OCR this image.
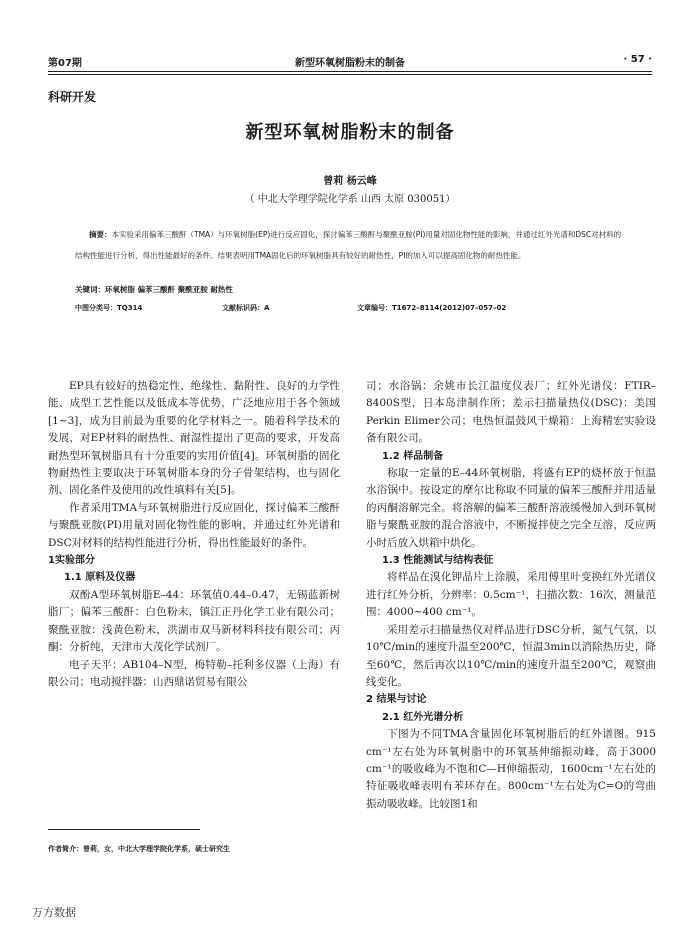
第07期	新型环氧树脂粉末的制备	· 57 ·
科研开发
新型环氧树脂粉末的制备
曾莉 杨云峰
（ 中北大学理学院化学系 山西 太原 030051）
摘要：本实验采用偏苯三酸酐（TMA）与环氧树脂(EP)进行反应固化，探讨偏苯三酸酐与聚酰亚胺(PI)用量对固化物性能的影响，并通过红外光谱和DSC对材料的结构性能进行分析，得出性能最好的条件。结果表明用TMA固化后的环氧树脂具有较好的耐热性，PI的加入可以提高固化物的耐热性能。
关键词：环氧树脂 偏苯三酸酐 聚酰亚胺 耐热性
中图分类号：TQ314	文献标识码：A	文章编号：T1672–8114(2012)07–057–02

EP具有较好的热稳定性、绝缘性、黏附性、良好的力学性能、成型工艺性能以及低成本等优势，广泛地应用于各个领域[1~3]，成为目前最为重要的化学材料之一。随着科学技术的发展，对EP材料的耐热性、耐湿性提出了更高的要求，开发高耐热型环氧树脂具有十分重要的实用价值[4]。环氧树脂的固化物耐热性主要取决于环氧树脂本身的分子骨架结构，也与固化剂、固化条件及使用的改性填料有关[5]。

作者采用TMA与环氧树脂进行反应固化，探讨偏苯三酸酐与聚酰亚胺(PI)用量对固化物性能的影响，并通过红外光谱和DSC对材料的结构性能进行分析，得出性能最好的条件。

1实验部分

1.1 原料及仪器

双酚A型环氧树脂E–44：环氧值0.44–0.47，无锡蓝新树脂厂；偏苯三酸酐：白色粉末，镇江正丹化学工业有限公司；聚酰亚胺：浅黄色粉末，洪湖市双马新材料科技有限公司；丙酮：分析纯，天津市大茂化学试剂厂。

电子天平：AB104–N型，梅特勒–托利多仪器（上海）有限公司；电动搅拌器：山西鼎诺贸易有限公

司；水浴锅：余姚市长江温度仪表厂；红外光谱仪：FTIR–8400S型，日本岛津制作所；差示扫描量热仪(DSC)：美国Perkin Elimer公司；电热恒温鼓风干燥箱：上海精宏实验设备有限公司。

1.2 样品制备

称取一定量的E–44环氧树脂，将盛有EP的烧杯放于恒温水浴锅中。按设定的摩尔比称取不同量的偏苯三酸酐并用适量的丙酮溶解完全。将溶解的偏苯三酸酐溶液缓慢加入到环氧树脂与聚酰亚胺的混合溶液中，不断搅拌使之完全互溶，反应两小时后放入烘箱中烘化。

1.3 性能测试与结构表征

将样品在溴化钾晶片上涂膜，采用傅里叶变换红外光谱仪进行红外分析，分辨率：0.5cm⁻¹，扫描次数：16次，测量范围：4000~400 cm⁻¹。

采用差示扫描量热仪对样品进行DSC分析，氮气气氛，以10℃/min的速度升温至200℃，恒温3min以消除热历史，降至60℃，然后再次以10℃/min的速度升温至200℃，观察曲线变化。

2 结果与讨论

2.1 红外光谱分析

下图为不同TMA含量固化环氧树脂后的红外谱图。915 cm⁻¹左右处为环氧树脂中的环氧基伸缩振动峰，高于3000 cm⁻¹的吸收峰为不饱和C—H伸缩振动，1600cm⁻¹左右处的特征吸收峰表明有苯环存在。800cm⁻¹左右处为C=O的弯曲振动吸收峰。比较图1和

作者简介：曾莉，女，中北大学理学院化学系，硕士研究生
万方数据
